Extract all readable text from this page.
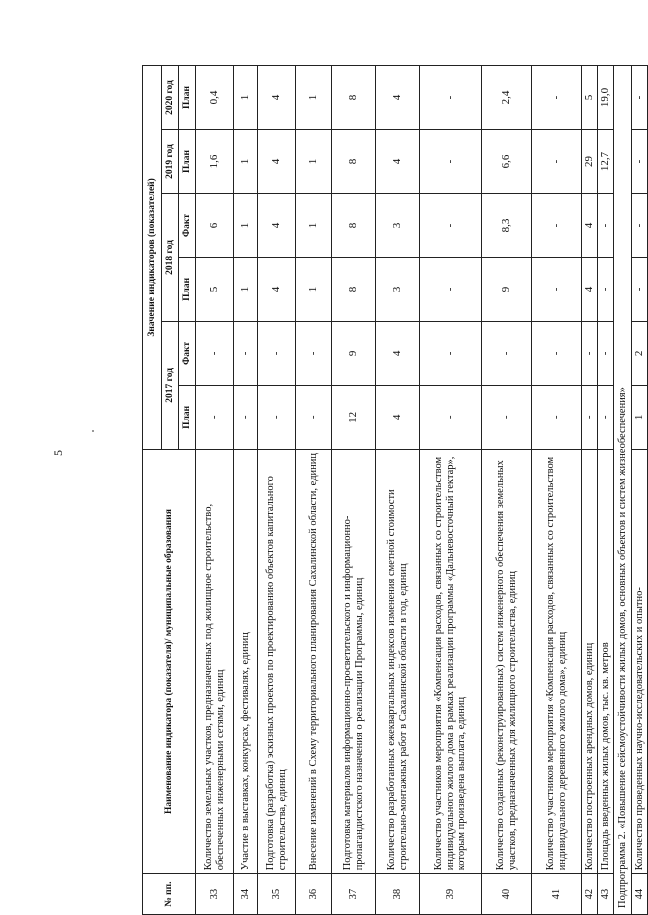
5
№ пп.	Наименование индикатора (показателя)/ муниципальные образования	Значение индикаторов (показателей)					
		2017 год		2018 год		2019 год	2020 год
		План	Факт	План	Факт	План	План
33	Количество земельных участков, предназначенных под жилищное строительство, обеспеченных инженерными сетями, единиц	-	-	5	6	1,6	0,4
34	Участие в выставках, конкурсах, фестивалях, единиц	-	-	1	1	1	1
35	Подготовка (разработка) эскизных проектов по проектированию объектов капитального строительства, единиц	-	-	4	4	4	4
36	Внесение изменений в Схему территориального планирования Сахалинской области, единиц	-	-	1	1	1	1
37	Подготовка материалов информационно-просветительского и информационно-пропагандистского назначения о реализации Программы, единиц	12	9	8	8	8	8
38	Количество разработанных ежеквартальных индексов изменения сметной стоимости строительно-монтажных работ в Сахалинской области в год, единиц	4	4	3	3	4	4
39	Количество участников мероприятия «Компенсация расходов, связанных со строительством индивидуального жилого дома в рамках реализации программы «Дальневосточный гектар», которым произведена выплата, единиц	-	-	-	-	-	-
40	Количество созданных (реконструированных) систем инженерного обеспечения земельных участков, предназначенных для жилищного строительства, единиц	-	-	9	8,3	6,6	2,4
41	Количество участников мероприятия «Компенсация расходов, связанных со строительством индивидуального деревянного жилого дома», единиц	-	-	-	-	-	-
42	Количество построенных арендных домов, единиц	-	-	4	4	29	5
43	Площадь введенных жилых домов, тыс. кв. метров	-	-	-	-	12,7	19,0
Подпрограмма 2. «Повышение сейсмоустойчивости жилых домов, основных объектов и систем жизнеобеспечения»							
44	Количество проведенных научно-исследовательских и опытно-	1	2	-	-	-	-
